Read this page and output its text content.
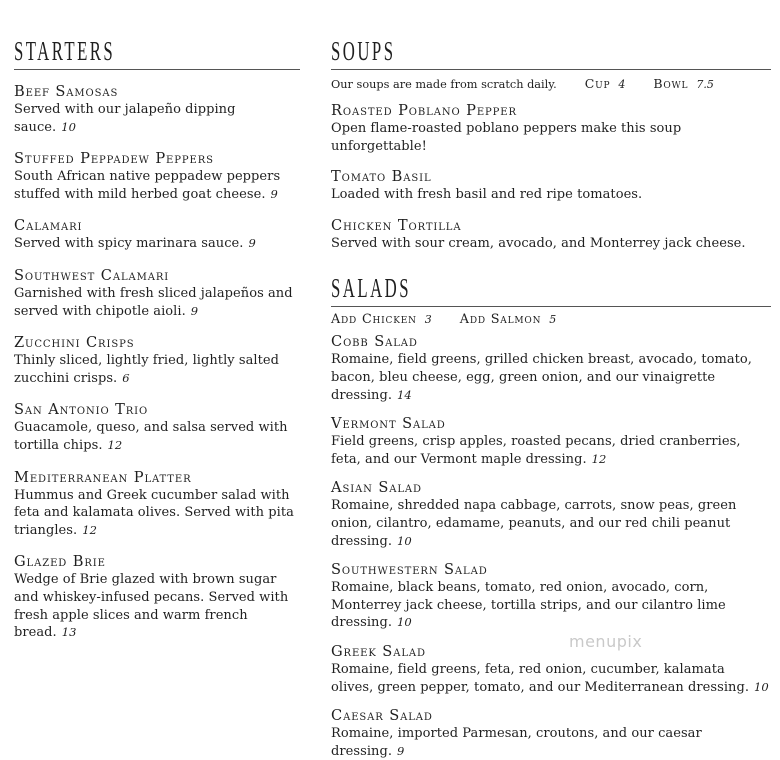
STARTERS
Beef Samosas
Served with our jalapeño dipping sauce. 10
Stuffed Peppadew Peppers
South African native peppadew peppers stuffed with mild herbed goat cheese. 9
Calamari
Served with spicy marinara sauce. 9
Southwest Calamari
Garnished with fresh sliced jalapeños and served with chipotle aioli. 9
Zucchini Crisps
Thinly sliced, lightly fried, lightly salted zucchini crisps. 6
San Antonio Trio
Guacamole, queso, and salsa served with tortilla chips. 12
Mediterranean Platter
Hummus and Greek cucumber salad with feta and kalamata olives. Served with pita triangles. 12
Glazed Brie
Wedge of Brie glazed with brown sugar and whiskey-infused pecans. Served with fresh apple slices and warm french bread. 13
SOUPS
Our soups are made from scratch daily. Cup 4 Bowl 7.5
Roasted Poblano Pepper
Open flame-roasted poblano peppers make this soup unforgettable!
Tomato Basil
Loaded with fresh basil and red ripe tomatoes.
Chicken Tortilla
Served with sour cream, avocado, and Monterrey jack cheese.
SALADS
Add Chicken 3 Add Salmon 5
Cobb Salad
Romaine, field greens, grilled chicken breast, avocado, tomato, bacon, bleu cheese, egg, green onion, and our vinaigrette dressing. 14
Vermont Salad
Field greens, crisp apples, roasted pecans, dried cranberries, feta, and our Vermont maple dressing. 12
Asian Salad
Romaine, shredded napa cabbage, carrots, snow peas, green onion, cilantro, edamame, peanuts, and our red chili peanut dressing. 10
Southwestern Salad
Romaine, black beans, tomato, red onion, avocado, corn, Monterrey jack cheese, tortilla strips, and our cilantro lime dressing. 10
Greek Salad
Romaine, field greens, feta, red onion, cucumber, kalamata olives, green pepper, tomato, and our Mediterranean dressing. 10
Caesar Salad
Romaine, imported Parmesan, croutons, and our caesar dressing. 9
menupix
